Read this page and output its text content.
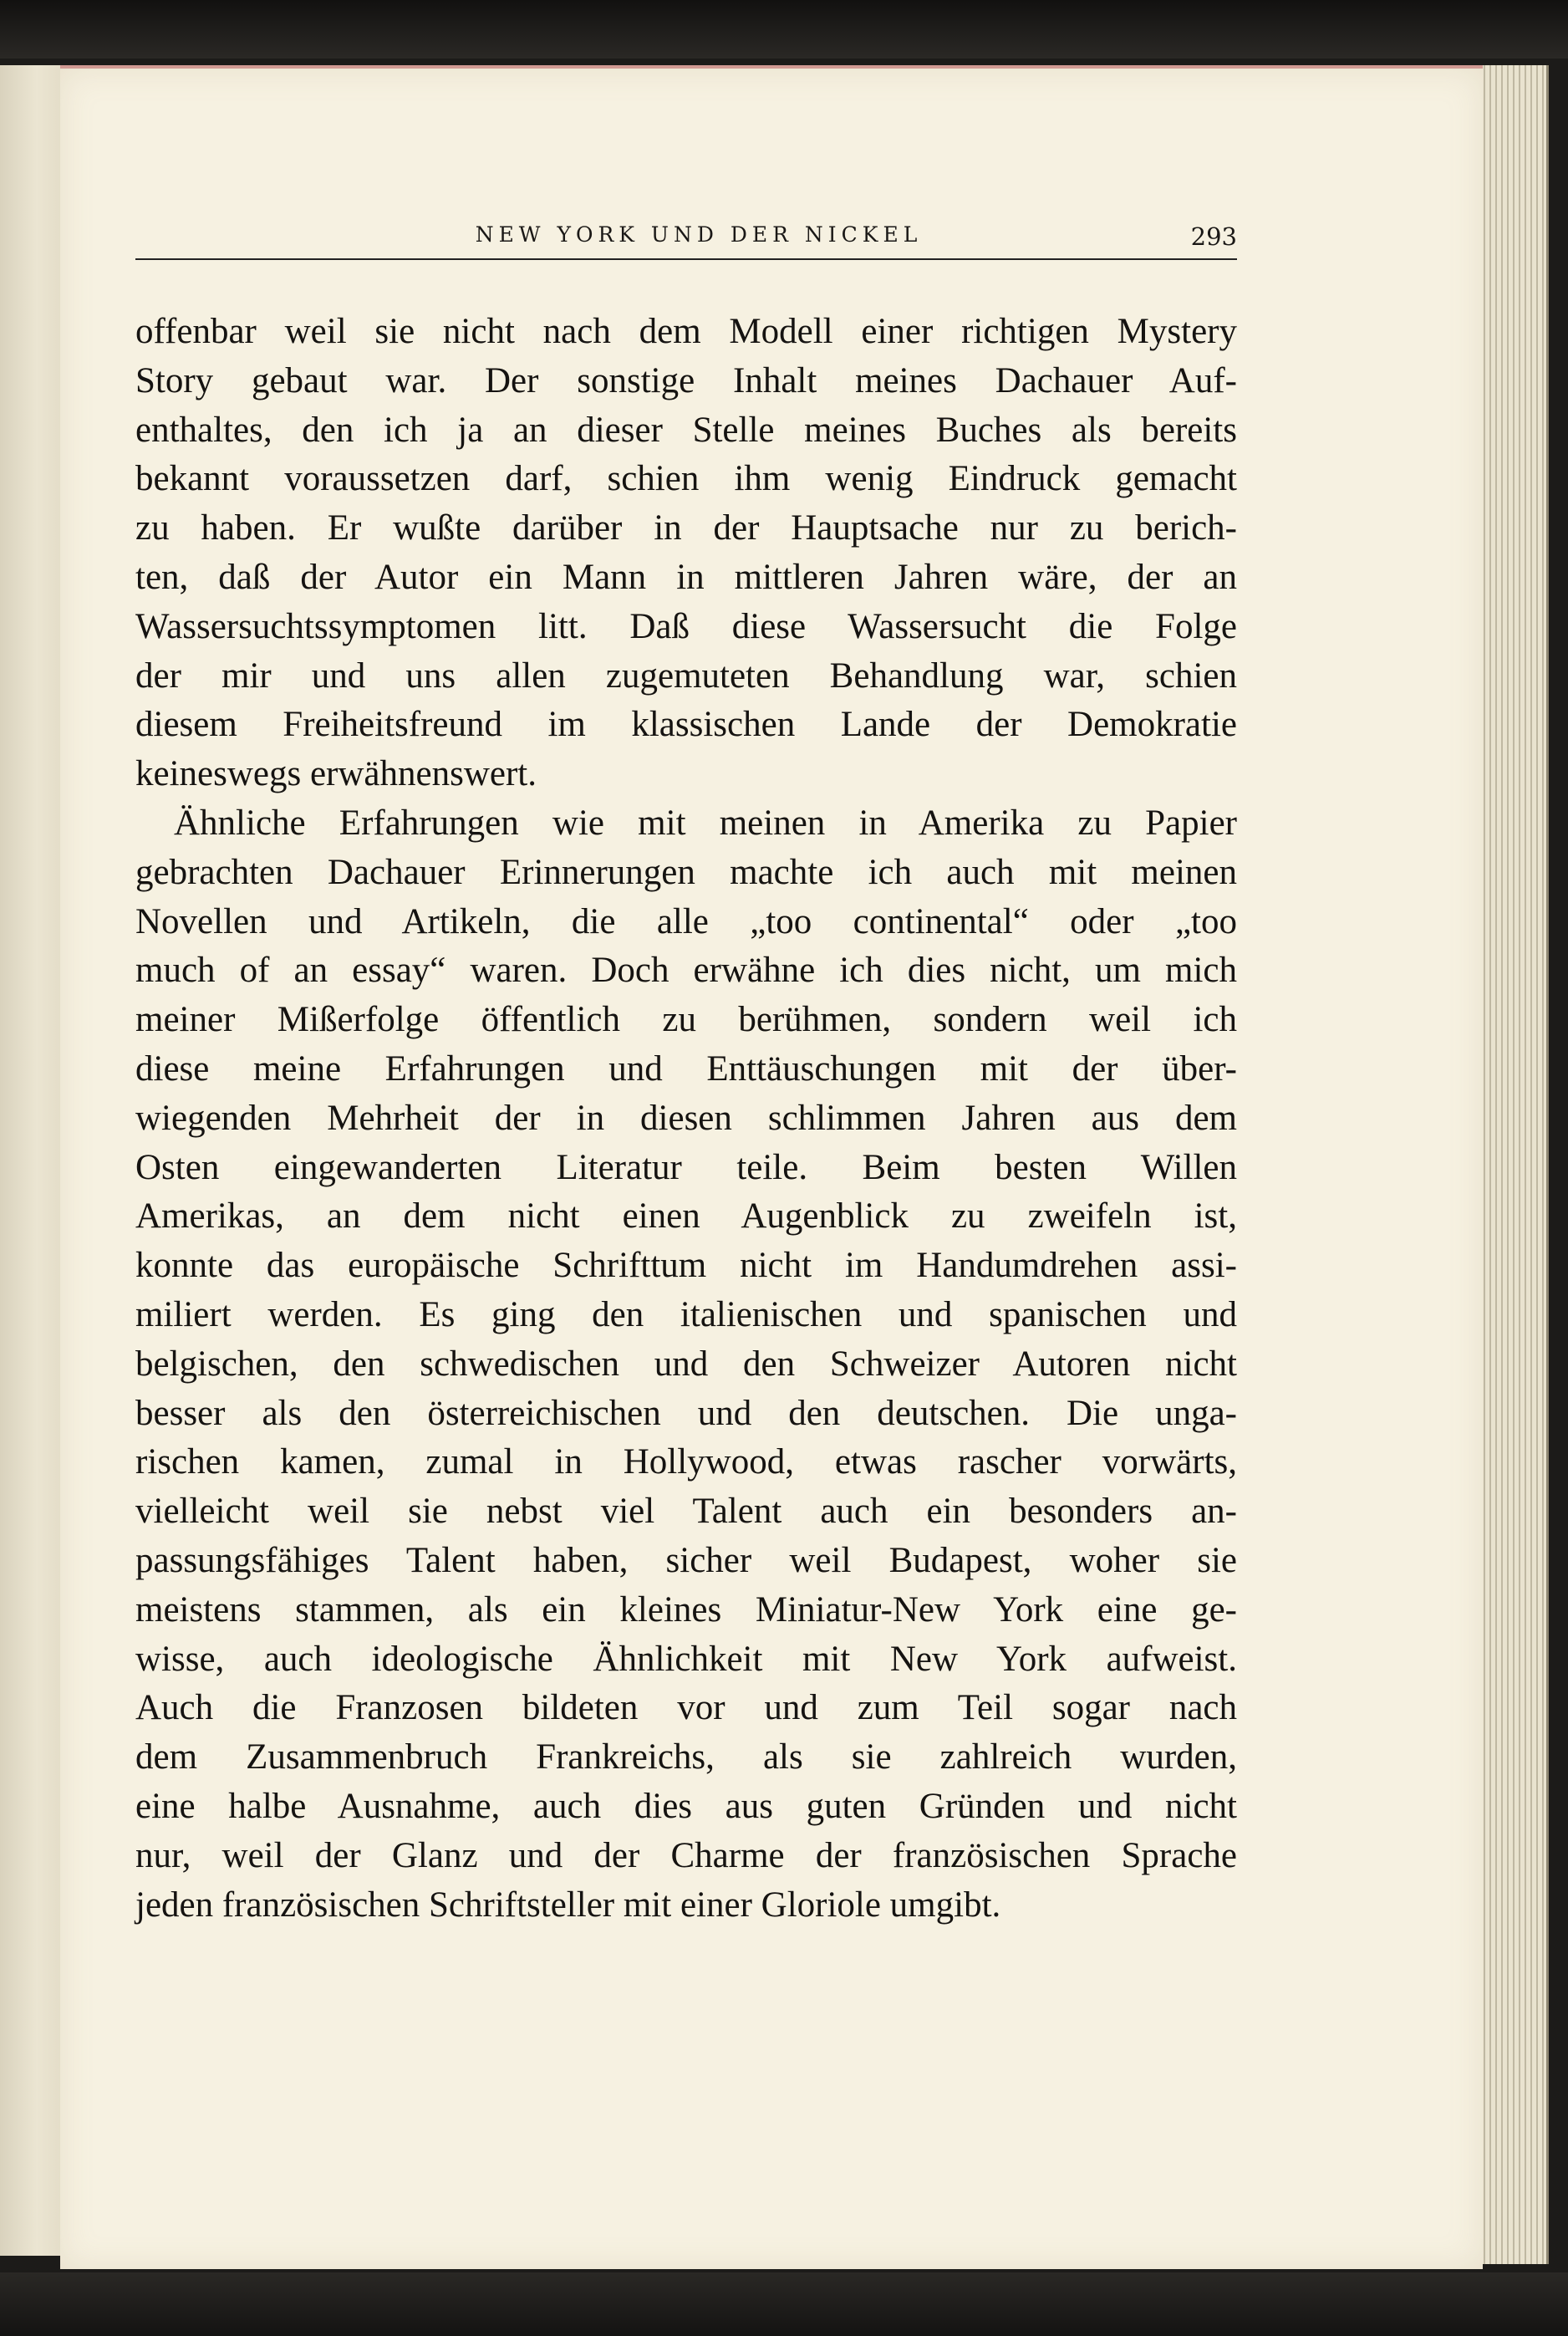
NEW YORK UND DER NICKEL	293
offenbar weil sie nicht nach dem Modell einer richtigen Mystery
Story gebaut war. Der sonstige Inhalt meines Dachauer Auf-
enthaltes, den ich ja an dieser Stelle meines Buches als bereits
bekannt voraussetzen darf, schien ihm wenig Eindruck gemacht
zu haben. Er wußte darüber in der Hauptsache nur zu berich-
ten, daß der Autor ein Mann in mittleren Jahren wäre, der an
Wassersuchtssymptomen litt. Daß diese Wassersucht die Folge
der mir und uns allen zugemuteten Behandlung war, schien
diesem Freiheitsfreund im klassischen Lande der Demokratie
keineswegs erwähnenswert.
Ähnliche Erfahrungen wie mit meinen in Amerika zu Papier
gebrachten Dachauer Erinnerungen machte ich auch mit meinen
Novellen und Artikeln, die alle „too continental“ oder „too
much of an essay“ waren. Doch erwähne ich dies nicht, um mich
meiner Mißerfolge öffentlich zu berühmen, sondern weil ich
diese meine Erfahrungen und Enttäuschungen mit der über-
wiegenden Mehrheit der in diesen schlimmen Jahren aus dem
Osten eingewanderten Literatur teile. Beim besten Willen
Amerikas, an dem nicht einen Augenblick zu zweifeln ist,
konnte das europäische Schrifttum nicht im Handumdrehen assi-
miliert werden. Es ging den italienischen und spanischen und
belgischen, den schwedischen und den Schweizer Autoren nicht
besser als den österreichischen und den deutschen. Die unga-
rischen kamen, zumal in Hollywood, etwas rascher vorwärts,
vielleicht weil sie nebst viel Talent auch ein besonders an-
passungsfähiges Talent haben, sicher weil Budapest, woher sie
meistens stammen, als ein kleines Miniatur-New York eine ge-
wisse, auch ideologische Ähnlichkeit mit New York aufweist.
Auch die Franzosen bildeten vor und zum Teil sogar nach
dem Zusammenbruch Frankreichs, als sie zahlreich wurden,
eine halbe Ausnahme, auch dies aus guten Gründen und nicht
nur, weil der Glanz und der Charme der französischen Sprache
jeden französischen Schriftsteller mit einer Gloriole umgibt.
